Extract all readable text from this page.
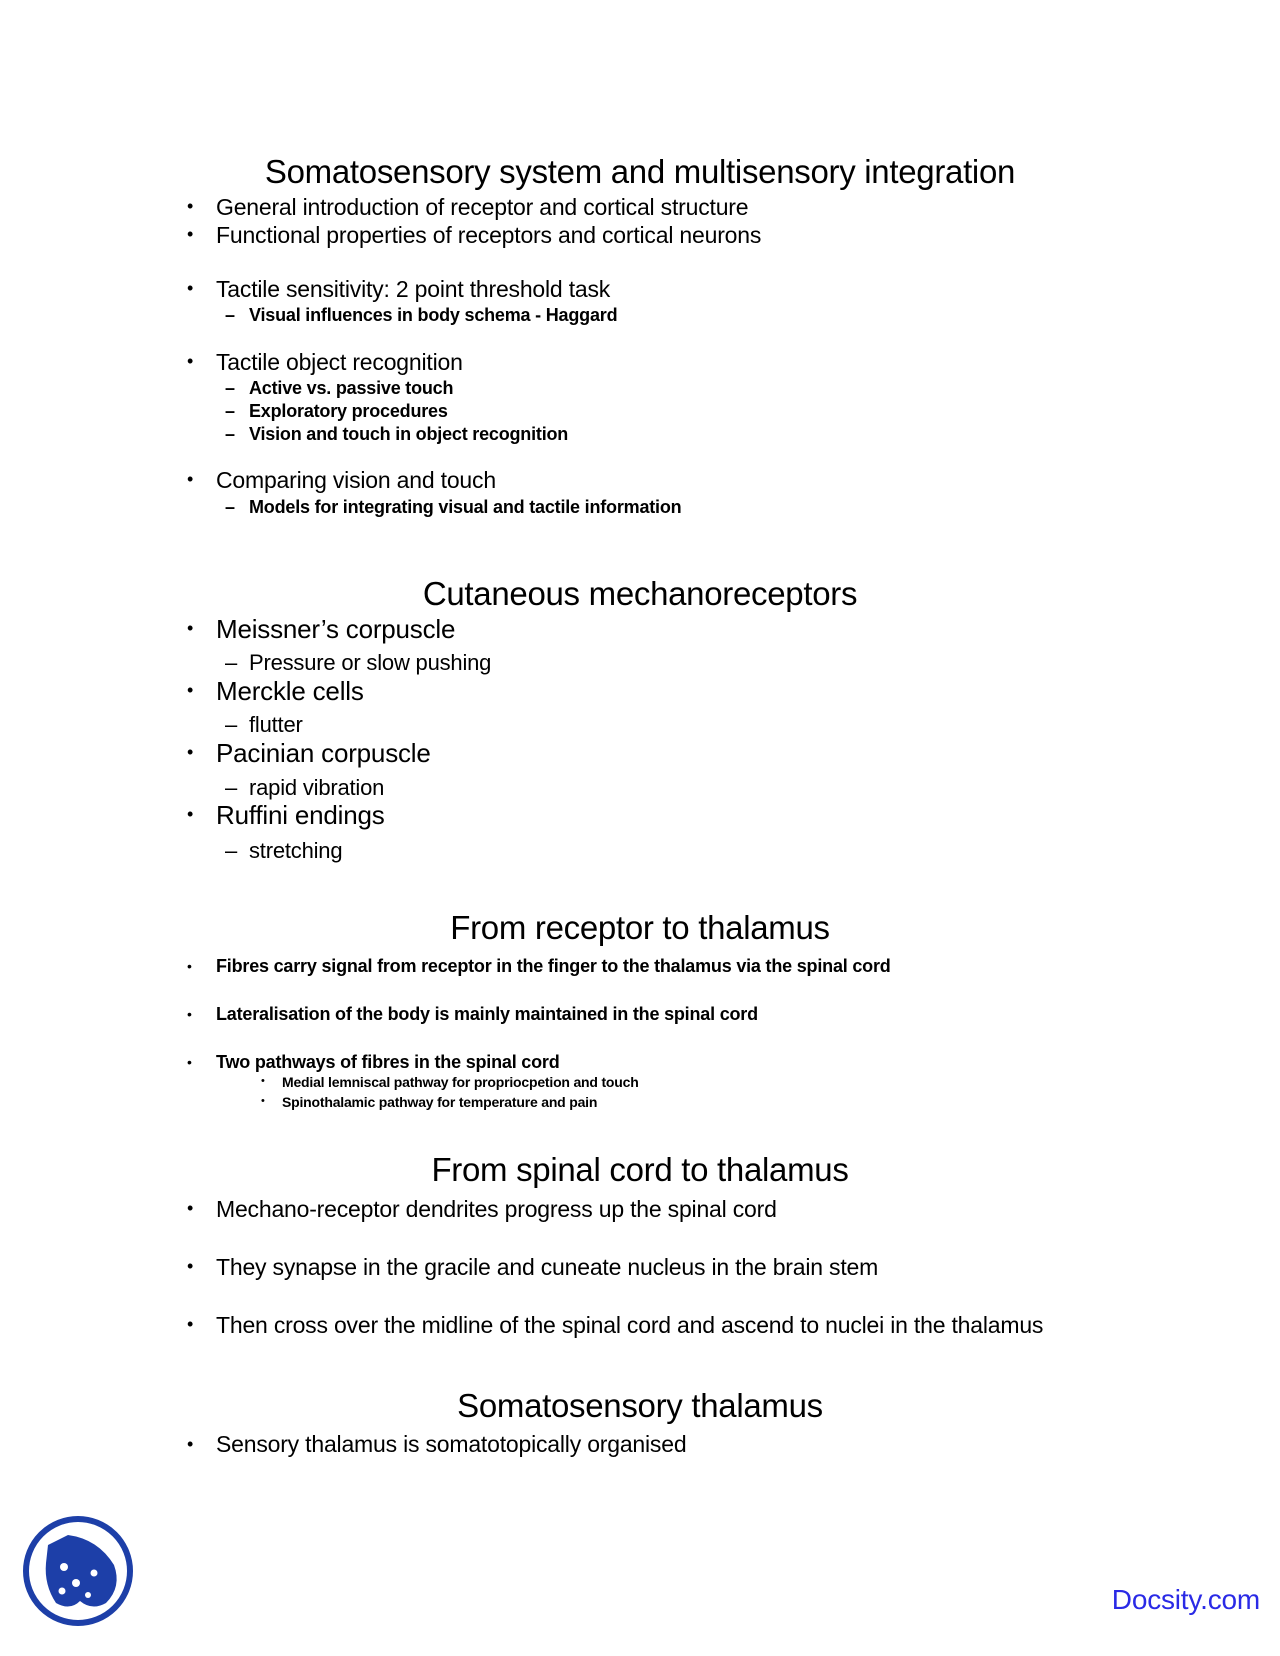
Somatosensory system and multisensory integration
• General introduction of receptor and cortical structure
• Functional properties of receptors and cortical neurons
• Tactile sensitivity: 2 point threshold task
– Visual influences in body schema - Haggard
• Tactile object recognition
– Active vs. passive touch
– Exploratory procedures
– Vision and touch in object recognition
• Comparing vision and touch
– Models for integrating visual and tactile information
Cutaneous mechanoreceptors
• Meissner’s corpuscle
– Pressure or slow pushing
• Merckle cells
– flutter
• Pacinian corpuscle
– rapid vibration
• Ruffini endings
– stretching
From receptor to thalamus
• Fibres carry signal from receptor in the finger to the thalamus via the spinal cord
• Lateralisation of the body is mainly maintained in the spinal cord
• Two pathways of fibres in the spinal cord
• Medial lemniscal pathway for propriocpetion and touch
• Spinothalamic pathway for temperature and pain
From spinal cord to thalamus
• Mechano-receptor dendrites progress up the spinal cord
• They synapse in the gracile and cuneate nucleus in the brain stem
• Then cross over the midline of the spinal cord and ascend to nuclei in the thalamus
Somatosensory thalamus
• Sensory thalamus is somatotopically organised
Docsity.com
